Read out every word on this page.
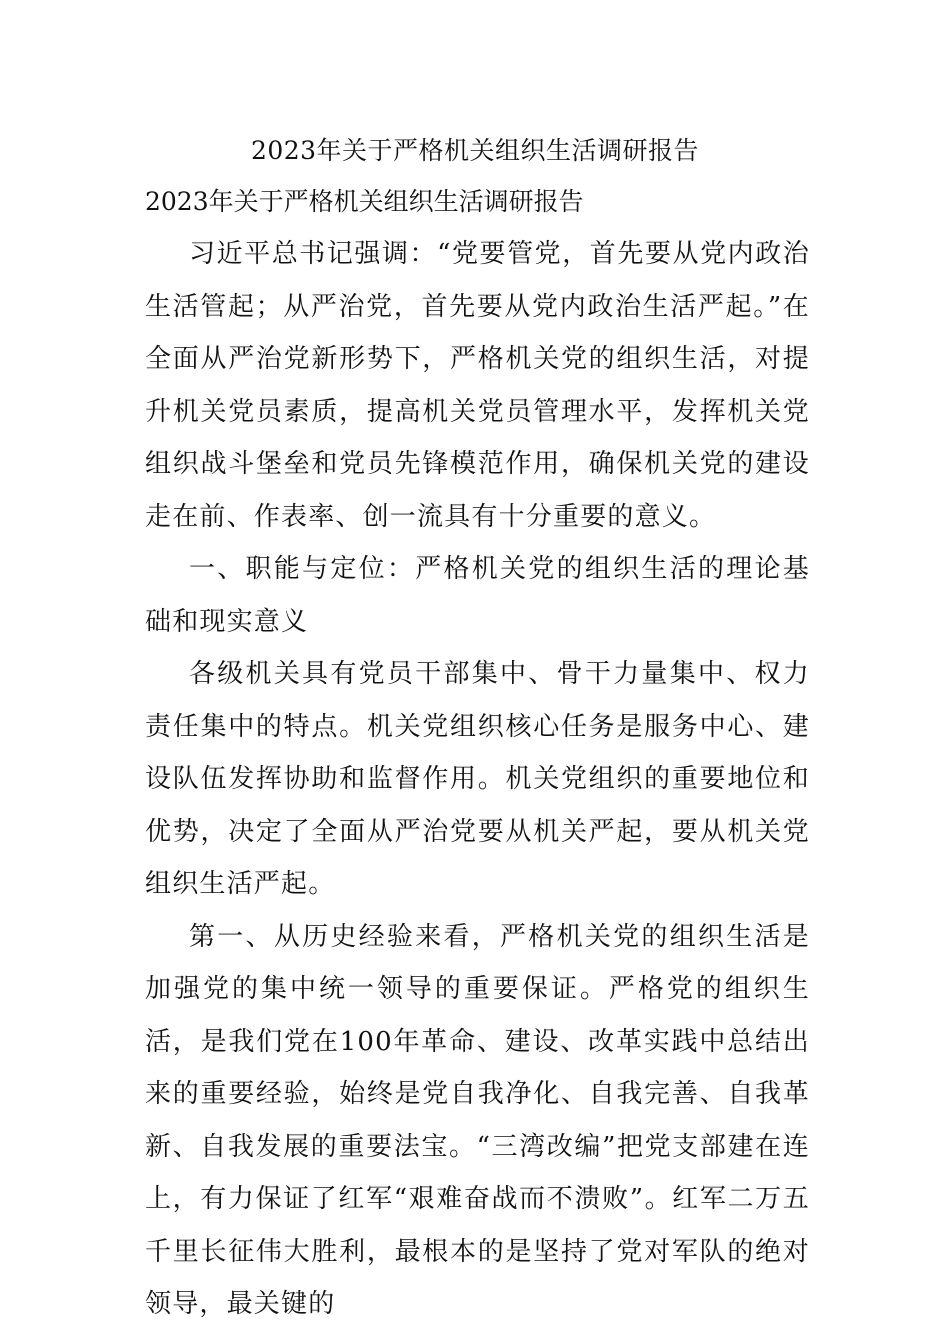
2023年关于严格机关组织生活调研报告
2023年关于严格机关组织生活调研报告

习近平总书记强调：“党要管党，首先要从党内政治生活管起；从严治党，首先要从党内政治生活严起。”在全面从严治党新形势下，严格机关党的组织生活，对提升机关党员素质，提高机关党员管理水平，发挥机关党组织战斗堡垒和党员先锋模范作用，确保机关党的建设走在前、作表率、创一流具有十分重要的意义。

一、职能与定位：严格机关党的组织生活的理论基础和现实意义

各级机关具有党员干部集中、骨干力量集中、权力责任集中的特点。机关党组织核心任务是服务中心、建设队伍发挥协助和监督作用。机关党组织的重要地位和优势，决定了全面从严治党要从机关严起，要从机关党组织生活严起。

第一、从历史经验来看，严格机关党的组织生活是加强党的集中统一领导的重要保证。严格党的组织生活，是我们党在100年革命、建设、改革实践中总结出来的重要经验，始终是党自我净化、自我完善、自我革新、自我发展的重要法宝。“三湾改编”把党支部建在连上，有力保证了红军“艰难奋战而不溃败”。红军二万五千里长征伟大胜利，最根本的是坚持了党对军队的绝对领导，最关键的
